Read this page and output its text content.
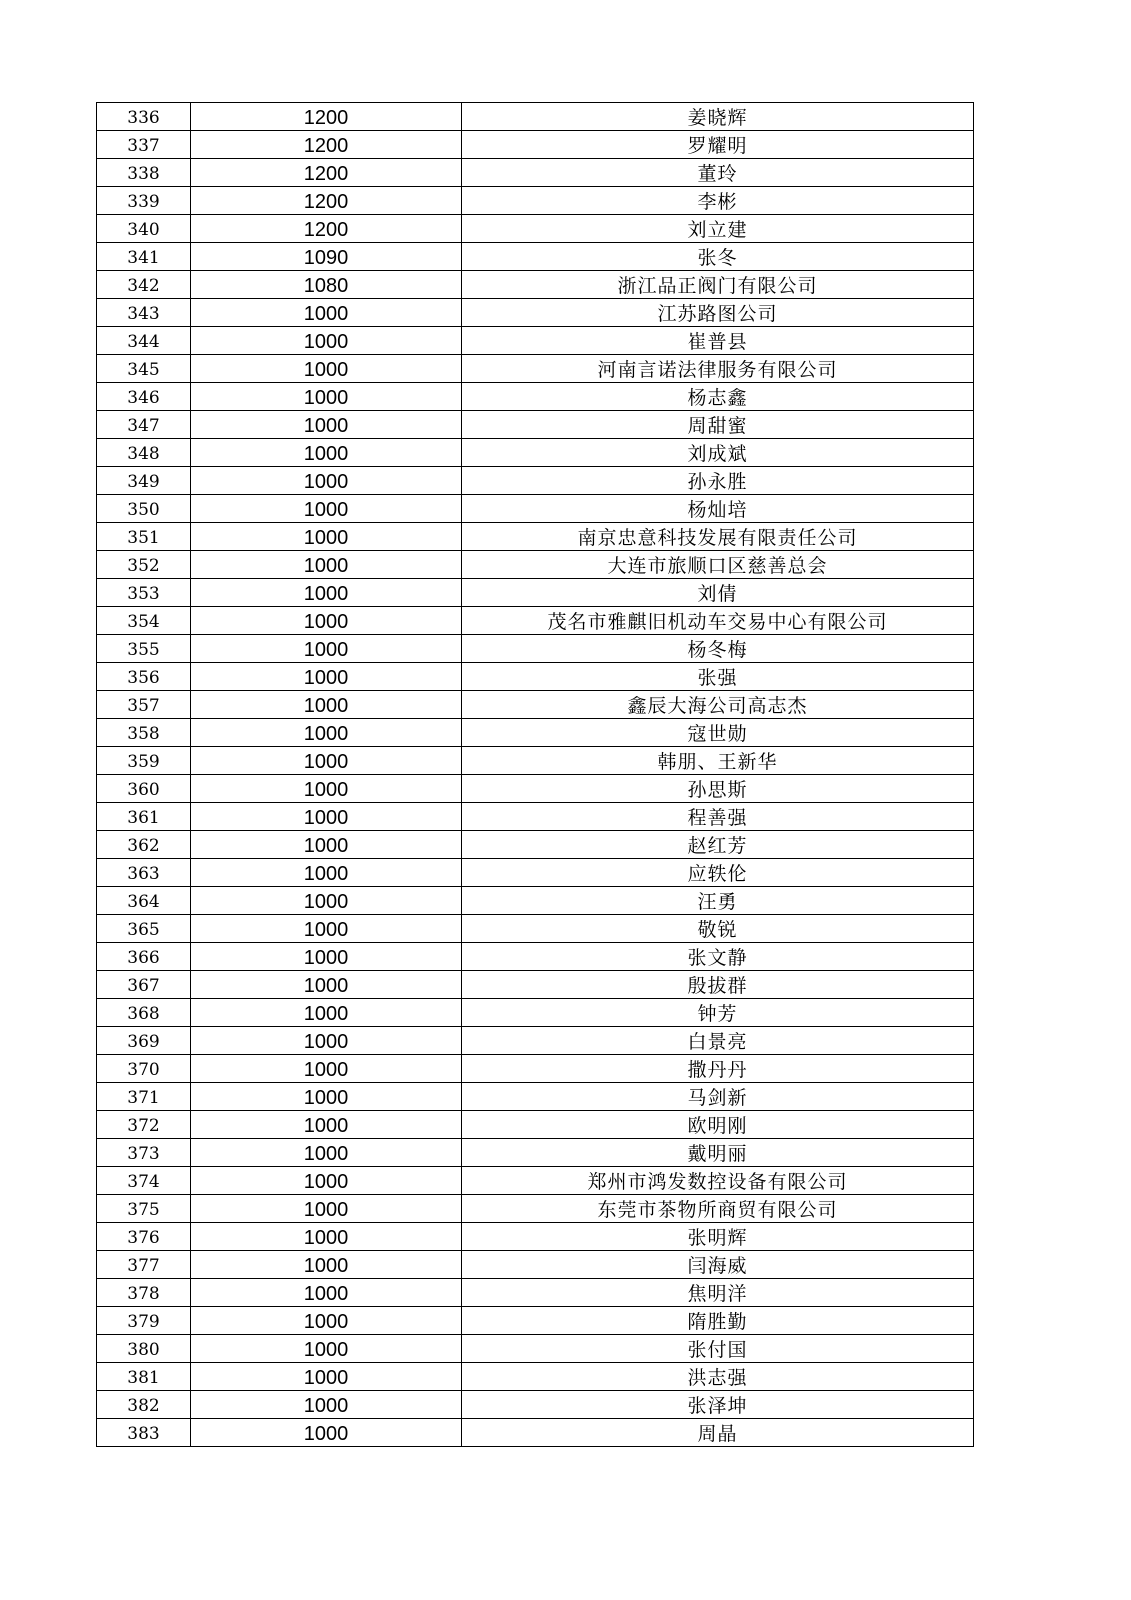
336	1200	姜晓辉
337	1200	罗耀明
338	1200	董玲
339	1200	李彬
340	1200	刘立建
341	1090	张冬
342	1080	浙江品正阀门有限公司
343	1000	江苏路图公司
344	1000	崔普县
345	1000	河南言诺法律服务有限公司
346	1000	杨志鑫
347	1000	周甜蜜
348	1000	刘成斌
349	1000	孙永胜
350	1000	杨灿培
351	1000	南京忠意科技发展有限责任公司
352	1000	大连市旅顺口区慈善总会
353	1000	刘倩
354	1000	茂名市雅麒旧机动车交易中心有限公司
355	1000	杨冬梅
356	1000	张强
357	1000	鑫辰大海公司高志杰
358	1000	寇世勋
359	1000	韩朋、王新华
360	1000	孙思斯
361	1000	程善强
362	1000	赵红芳
363	1000	应轶伦
364	1000	汪勇
365	1000	敬锐
366	1000	张文静
367	1000	殷拔群
368	1000	钟芳
369	1000	白景亮
370	1000	撒丹丹
371	1000	马剑新
372	1000	欧明刚
373	1000	戴明丽
374	1000	郑州市鸿发数控设备有限公司
375	1000	东莞市茶物所商贸有限公司
376	1000	张明辉
377	1000	闫海威
378	1000	焦明洋
379	1000	隋胜勤
380	1000	张付国
381	1000	洪志强
382	1000	张泽坤
383	1000	周晶
